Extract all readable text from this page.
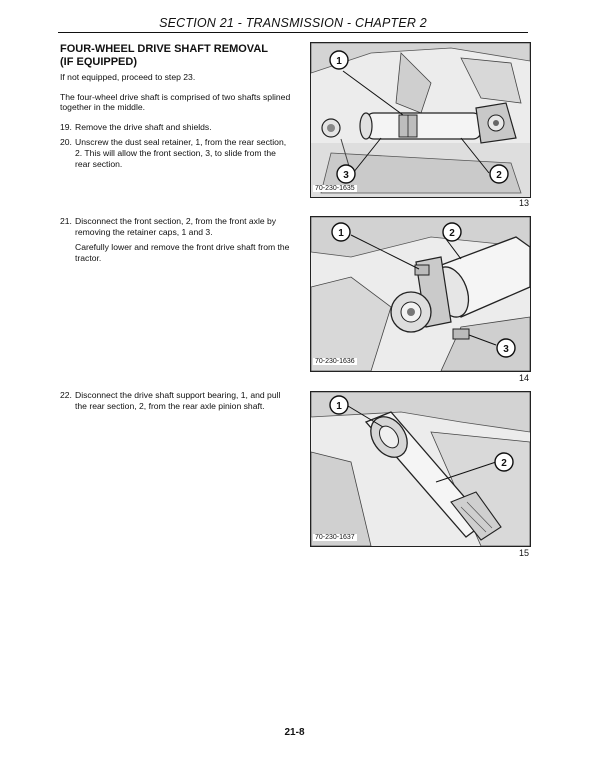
SECTION 21 - TRANSMISSION - CHAPTER 2
FOUR-WHEEL DRIVE SHAFT REMOVAL
(IF EQUIPPED)

If not equipped, proceed to step 23.

The four-wheel drive shaft is comprised of two shafts splined together in the middle.

19. Remove the drive shaft and shields.
20. Unscrew the dust seal retainer, 1, from the rear section, 2. This will allow the front section, 3, to slide from the rear section.
21. Disconnect the front section, 2, from the front axle by removing the retainer caps, 1 and 3.

Carefully lower and remove the front drive shaft from the tractor.

22. Disconnect the drive shaft support bearing, 1, and pull the rear section, 2, from the rear axle pinion shaft.
1
2
3
70-230-1635
13
1	2
3
70-230-1636
14
1
2
70-230-1637
15
21-8
